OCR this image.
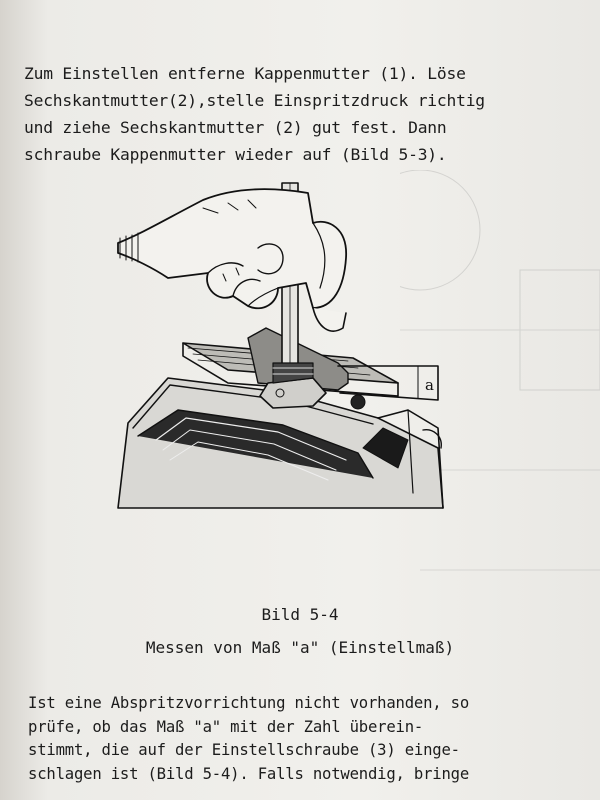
Zum Einstellen entferne Kappenmutter (1). Löse
Sechskantmutter(2),stelle Einspritzdruck richtig
und ziehe Sechskantmutter (2) gut fest. Dann
schraube Kappenmutter wieder auf (Bild 5-3).

a

Bild 5-4

Messen von Maß "a" (Einstellmaß)

Ist eine Abspritzvorrichtung nicht vorhanden, so
prüfe, ob das Maß "a" mit der Zahl überein-
stimmt, die auf der Einstellschraube (3) einge-
schlagen ist (Bild 5-4). Falls notwendig, bringe
